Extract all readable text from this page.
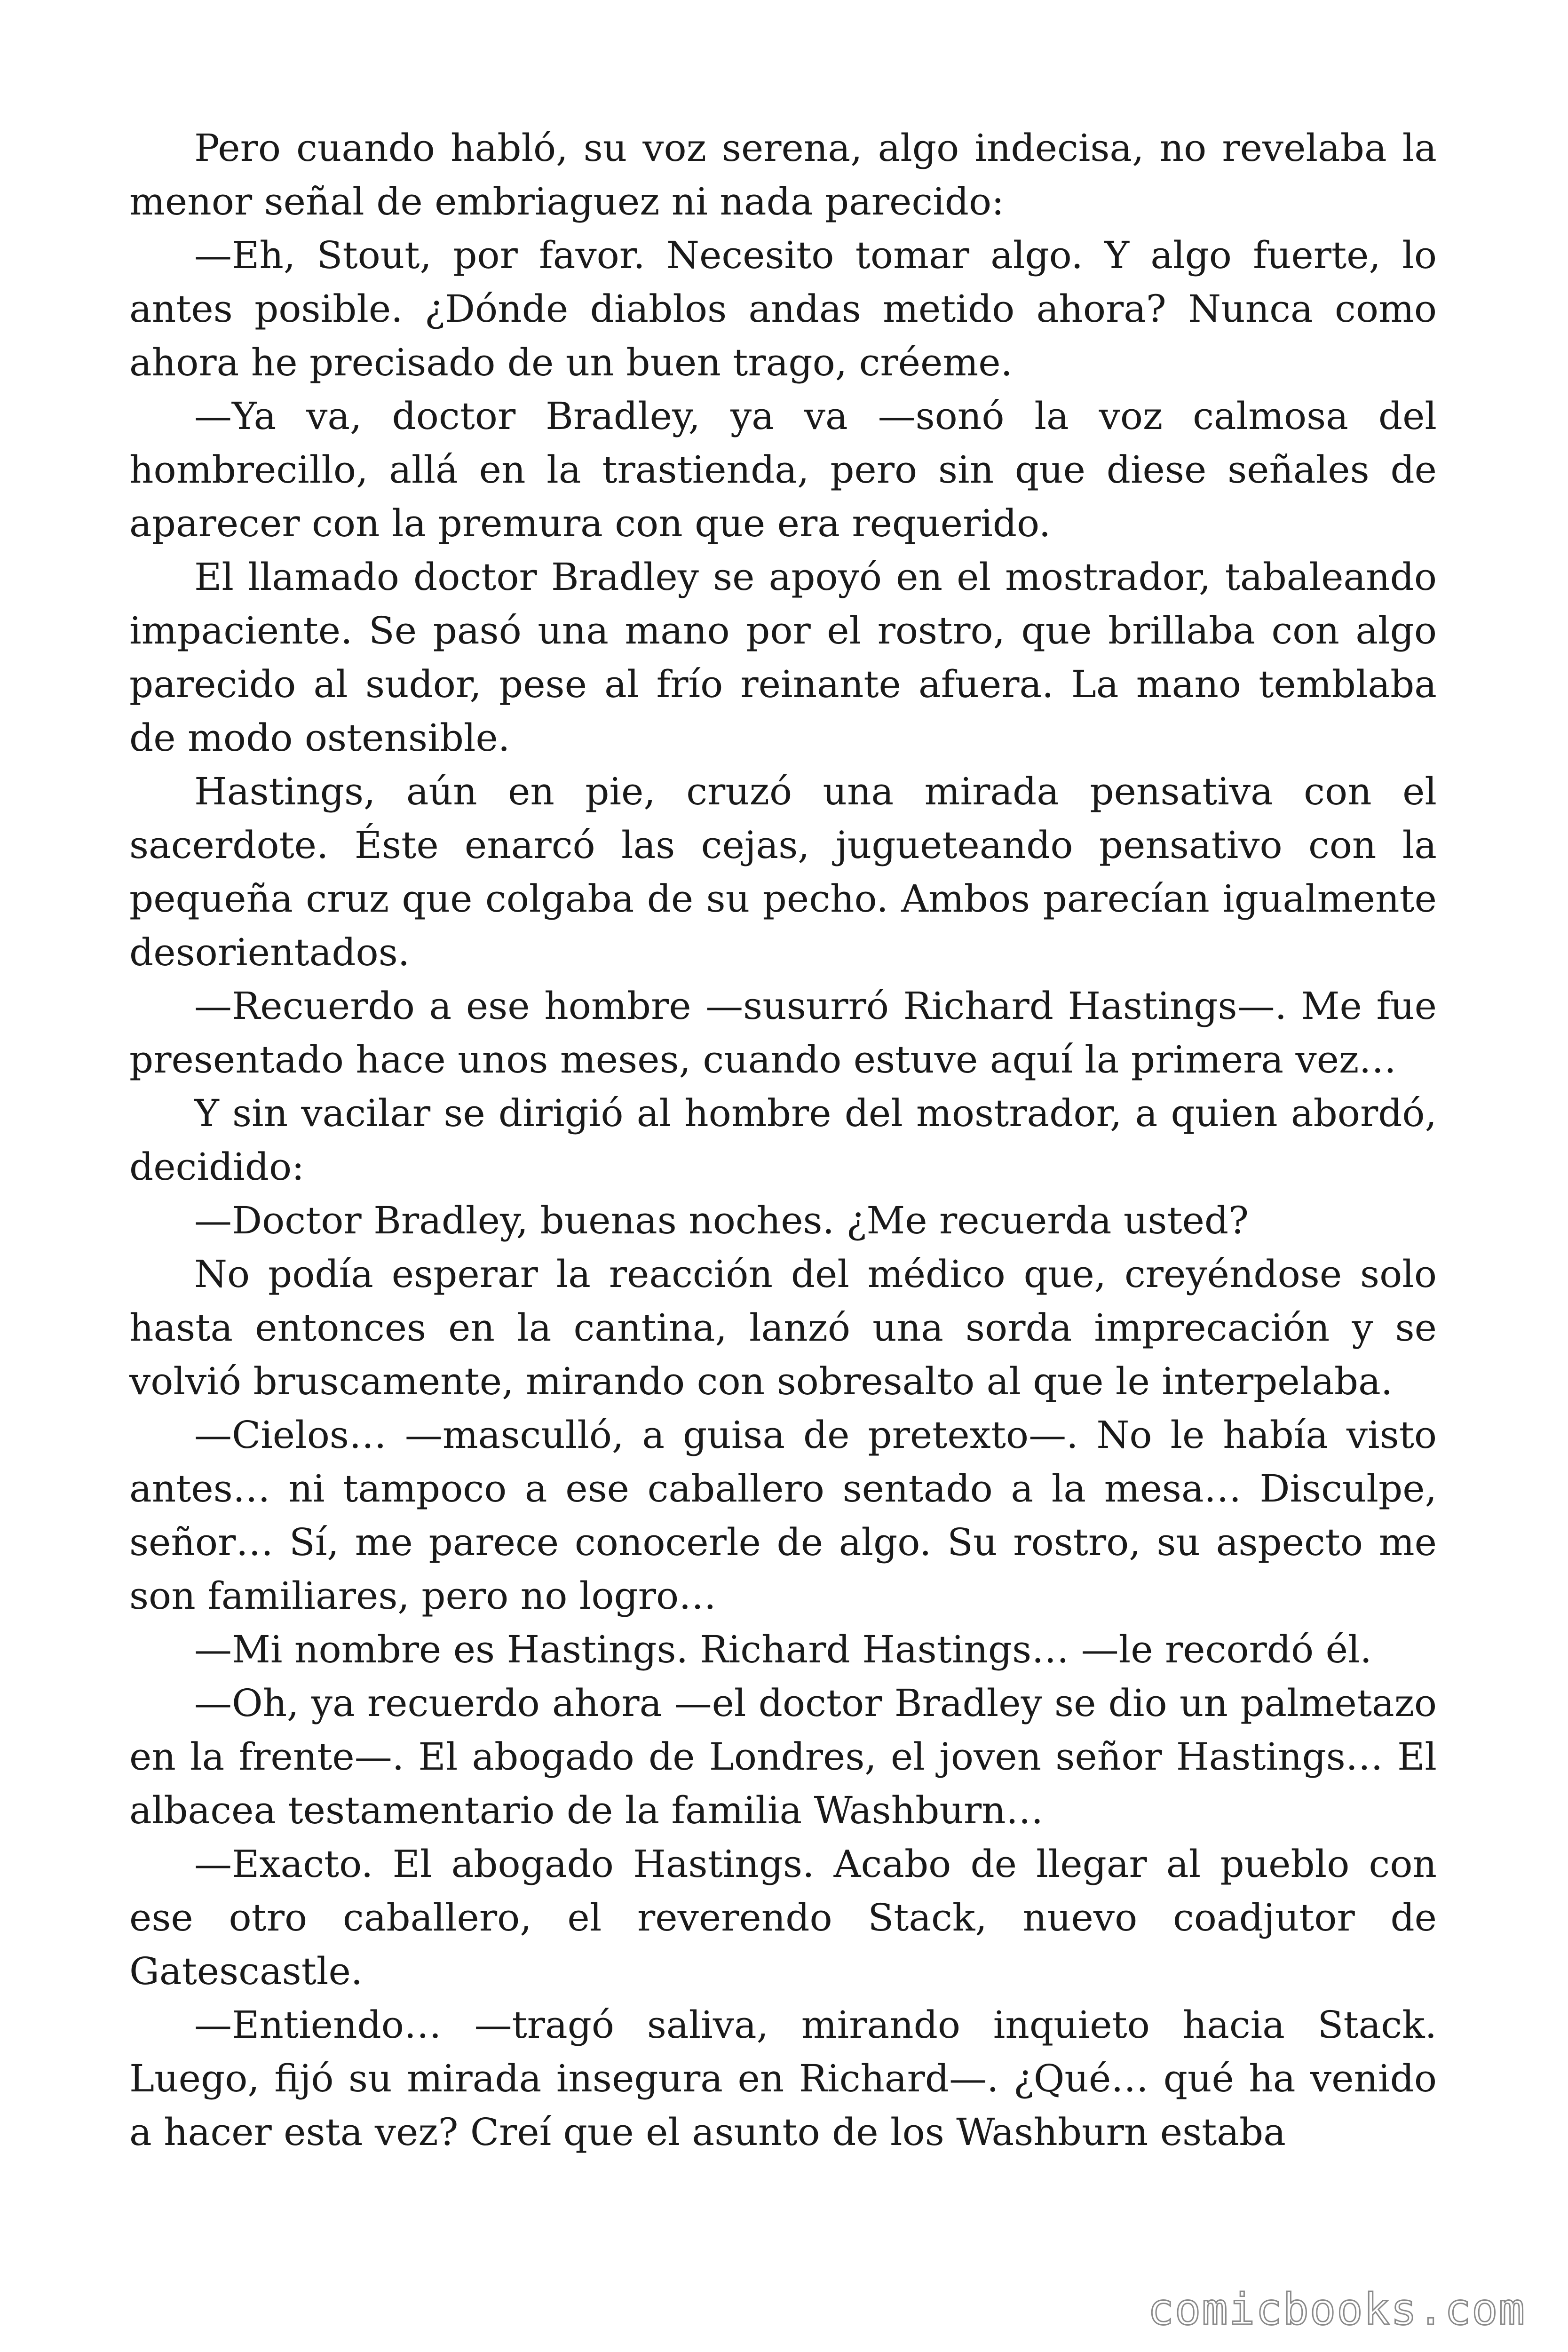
Pero cuando habló, su voz serena, algo indecisa, no revelaba la menor señal de embriaguez ni nada parecido:

—Eh, Stout, por favor. Necesito tomar algo. Y algo fuerte, lo antes posible. ¿Dónde diablos andas metido ahora? Nunca como ahora he precisado de un buen trago, créeme.

—Ya va, doctor Bradley, ya va —sonó la voz calmosa del hombrecillo, allá en la trastienda, pero sin que diese señales de aparecer con la premura con que era requerido.

El llamado doctor Bradley se apoyó en el mostrador, tabaleando impaciente. Se pasó una mano por el rostro, que brillaba con algo parecido al sudor, pese al frío reinante afuera. La mano temblaba de modo ostensible.

Hastings, aún en pie, cruzó una mirada pensativa con el sacerdote. Éste enarcó las cejas, jugueteando pensativo con la pequeña cruz que colgaba de su pecho. Ambos parecían igualmente desorientados.

—Recuerdo a ese hombre —susurró Richard Hastings—. Me fue presentado hace unos meses, cuando estuve aquí la primera vez…

Y sin vacilar se dirigió al hombre del mostrador, a quien abordó, decidido:

—Doctor Bradley, buenas noches. ¿Me recuerda usted?

No podía esperar la reacción del médico que, creyéndose solo hasta entonces en la cantina, lanzó una sorda imprecación y se volvió bruscamente, mirando con sobresalto al que le interpelaba.

—Cielos… —mascullό, a guisa de pretexto—. No le había visto antes… ni tampoco a ese caballero sentado a la mesa… Disculpe, señor… Sí, me parece conocerle de algo. Su rostro, su aspecto me son familiares, pero no logro…

—Mi nombre es Hastings. Richard Hastings… —le recordó él.

—Oh, ya recuerdo ahora —el doctor Bradley se dio un palmetazo en la frente—. El abogado de Londres, el joven señor Hastings… El albacea testamentario de la familia Washburn…

—Exacto. El abogado Hastings. Acabo de llegar al pueblo con ese otro caballero, el reverendo Stack, nuevo coadjutor de Gatescastle.

—Entiendo… —tragó saliva, mirando inquieto hacia Stack. Luego, fijó su mirada insegura en Richard—. ¿Qué… qué ha venido a hacer esta vez? Creí que el asunto de los Washburn estaba

comicbooks.com
